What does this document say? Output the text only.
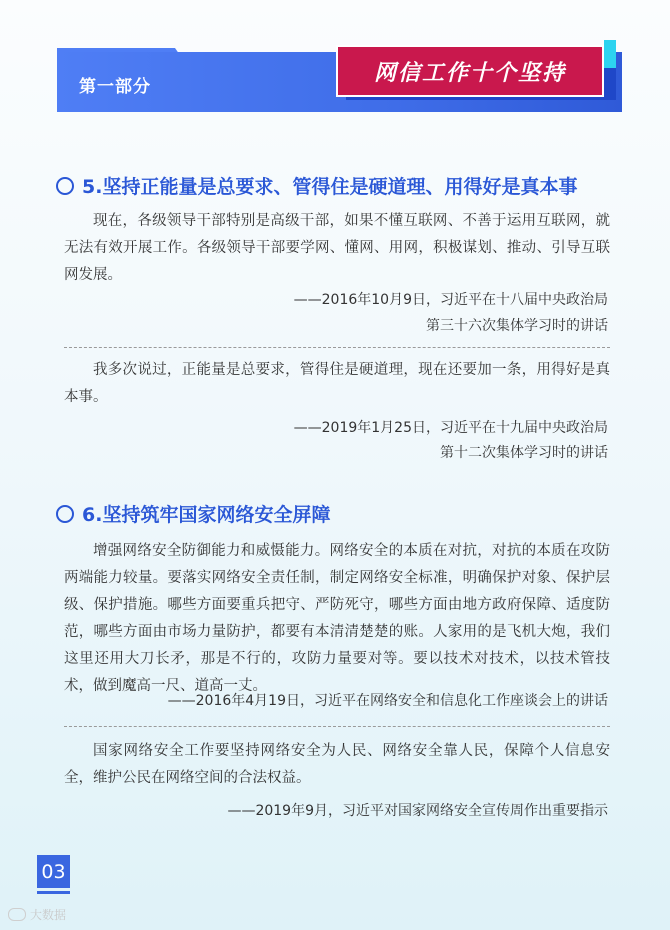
第一部分
网信工作十个坚持
5.坚持正能量是总要求、管得住是硬道理、用得好是真本事
现在，各级领导干部特别是高级干部，如果不懂互联网、不善于运用互联网，就无法有效开展工作。各级领导干部要学网、懂网、用网，积极谋划、推动、引导互联网发展。
——2016年10月9日，习近平在十八届中央政治局
第三十六次集体学习时的讲话
我多次说过，正能量是总要求，管得住是硬道理，现在还要加一条，用得好是真本事。
——2019年1月25日，习近平在十九届中央政治局
第十二次集体学习时的讲话
6.坚持筑牢国家网络安全屏障
增强网络安全防御能力和威慑能力。网络安全的本质在对抗，对抗的本质在攻防两端能力较量。要落实网络安全责任制，制定网络安全标准，明确保护对象、保护层级、保护措施。哪些方面要重兵把守、严防死守，哪些方面由地方政府保障、适度防范，哪些方面由市场力量防护，都要有本清清楚楚的账。人家用的是飞机大炮，我们这里还用大刀长矛，那是不行的，攻防力量要对等。要以技术对技术，以技术管技术，做到魔高一尺、道高一丈。
——2016年4月19日，习近平在网络安全和信息化工作座谈会上的讲话
国家网络安全工作要坚持网络安全为人民、网络安全靠人民，保障个人信息安全，维护公民在网络空间的合法权益。
——2019年9月，习近平对国家网络安全宣传周作出重要指示
03
大数据
